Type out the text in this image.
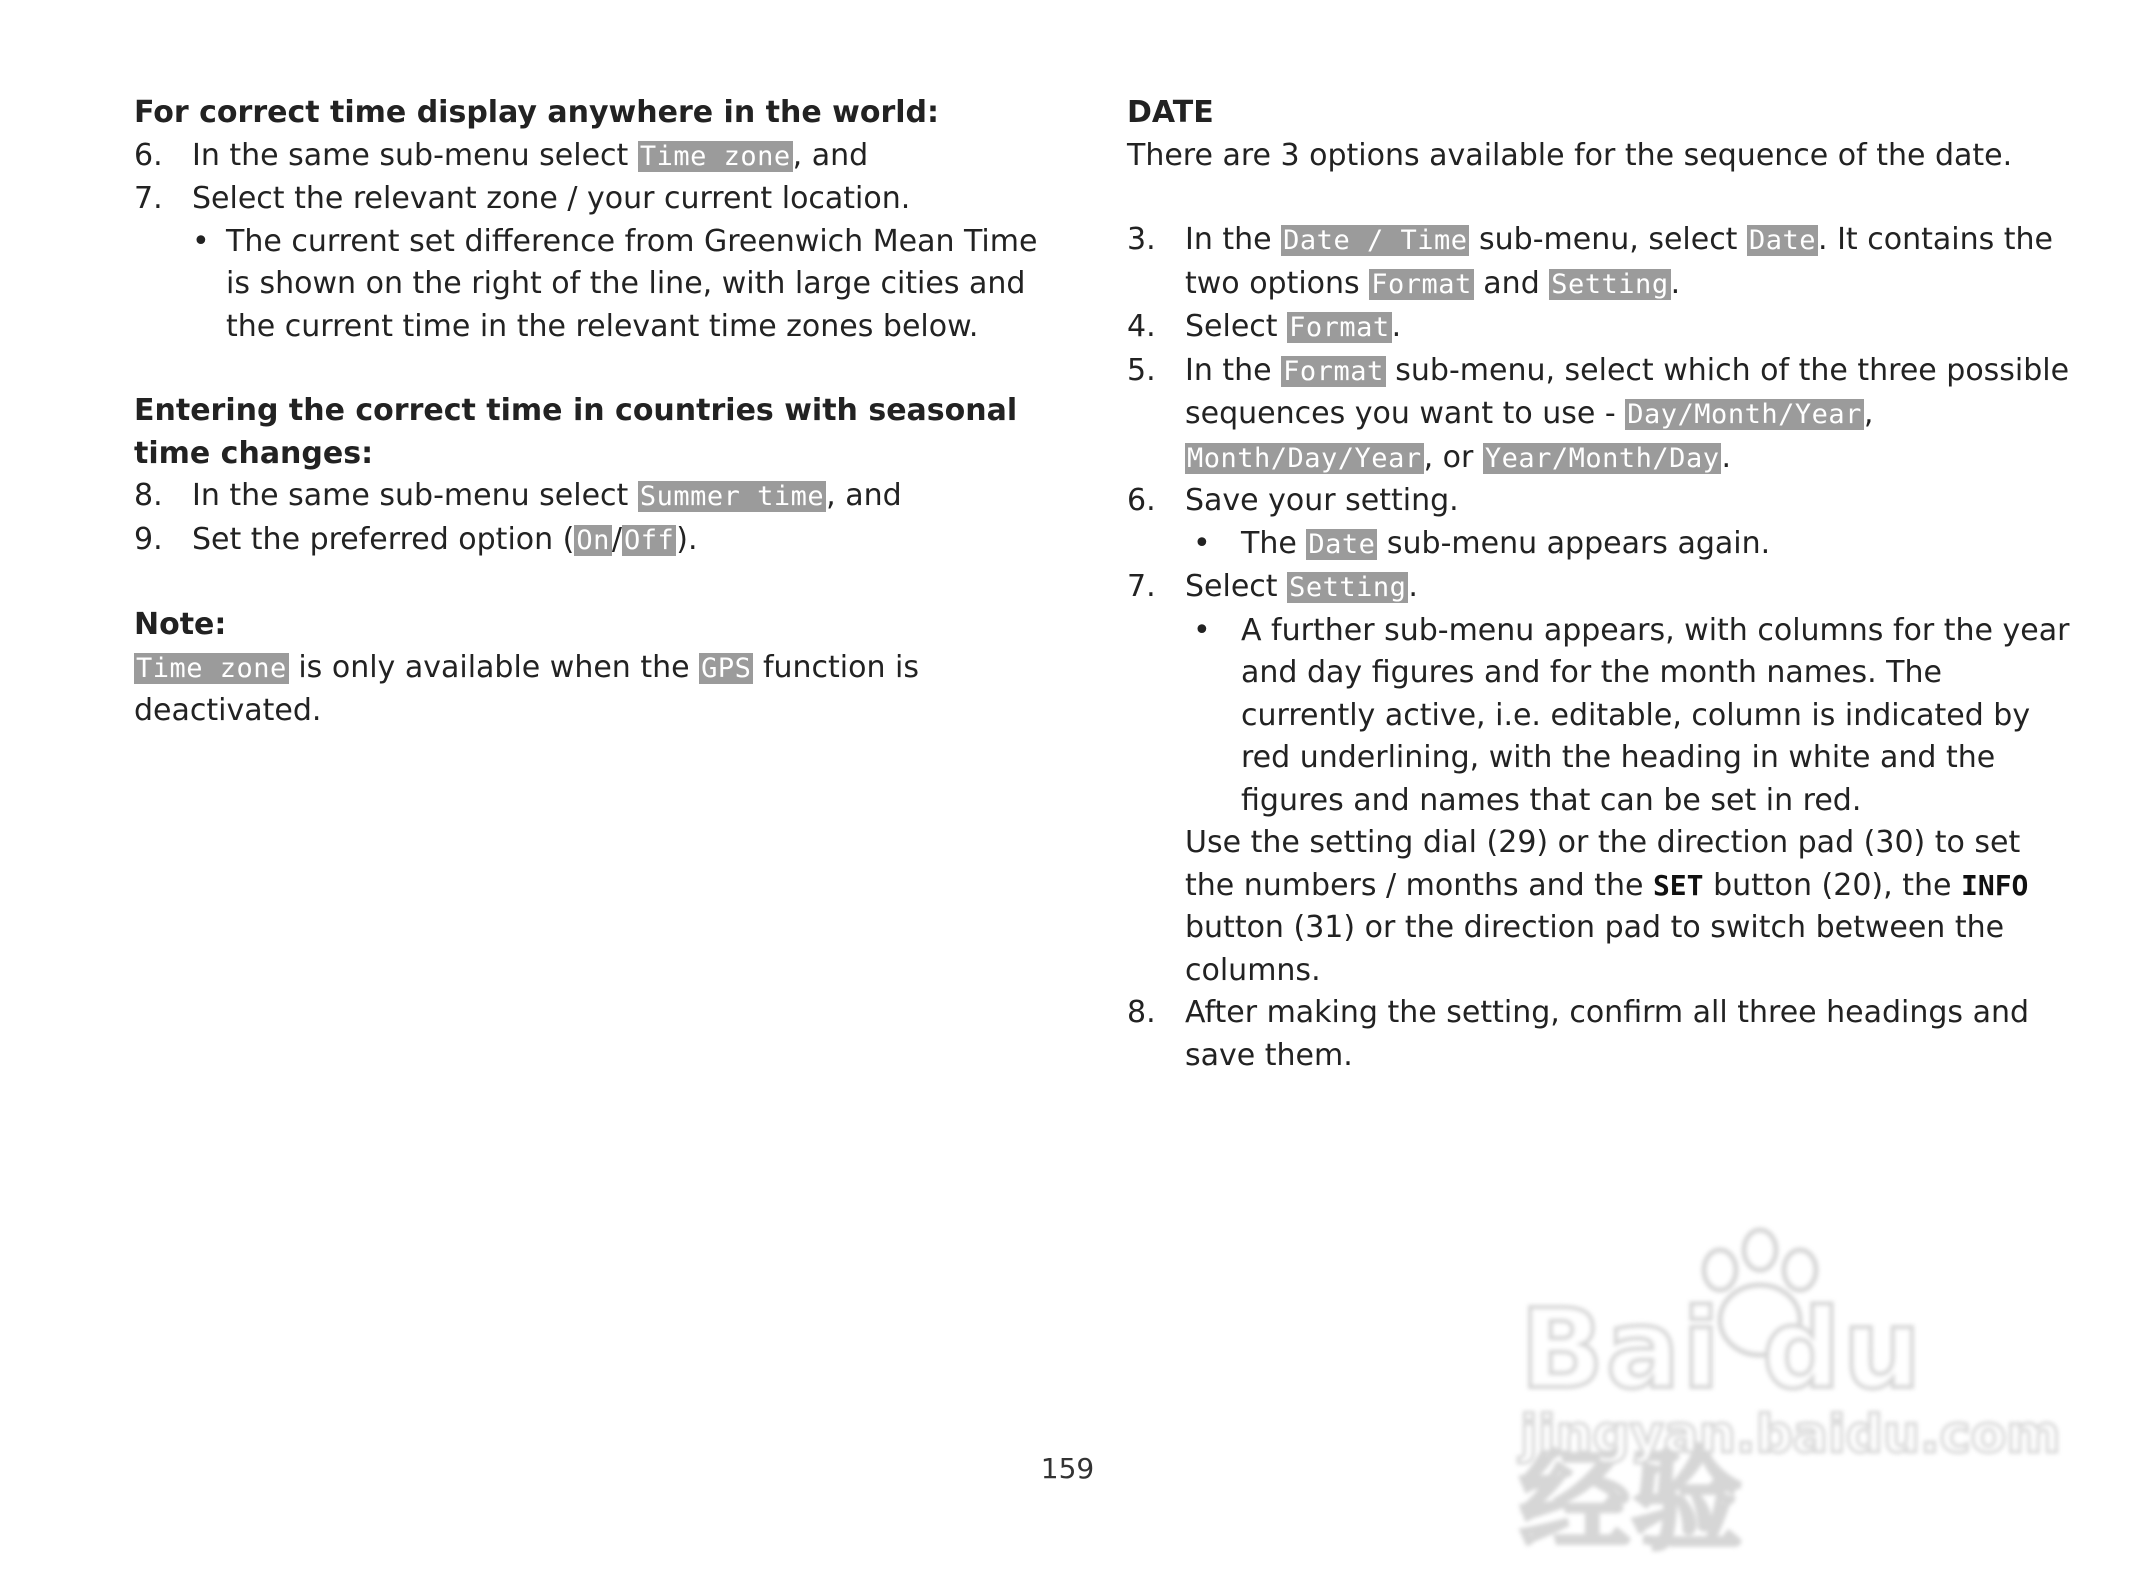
For correct time display anywhere in the world:

6. In the same sub-menu select Time zone, and
7. Select the relevant zone / your current location.
• The current set difference from Greenwich Mean Time is shown on the right of the line, with large cities and the current time in the relevant time zones below.

Entering the correct time in countries with seasonal time changes:

8. In the same sub-menu select Summer time, and
9. Set the preferred option (On/Off).

Note:

Time zone is only available when the GPS function is deactivated.

DATE

There are 3 options available for the sequence of the date.

3. In the Date / Time sub-menu, select Date. It contains the two options Format and Setting.
4. Select Format.
5. In the Format sub-menu, select which of the three possible sequences you want to use - Day/Month/Year, Month/Day/Year, or Year/Month/Day.
6. Save your setting.
• The Date sub-menu appears again.
7. Select Setting.
• A further sub-menu appears, with columns for the year and day figures and for the month names. The currently active, i.e. editable, column is indicated by red underlining, with the heading in white and the figures and names that can be set in red.

Use the setting dial (29) or the direction pad (30) to set the numbers / months and the SET button (20), the INFO button (31) or the direction pad to switch between the columns.

8. After making the setting, confirm all three headings and save them.
159
Bai du 经验
jingyan.baidu.com
